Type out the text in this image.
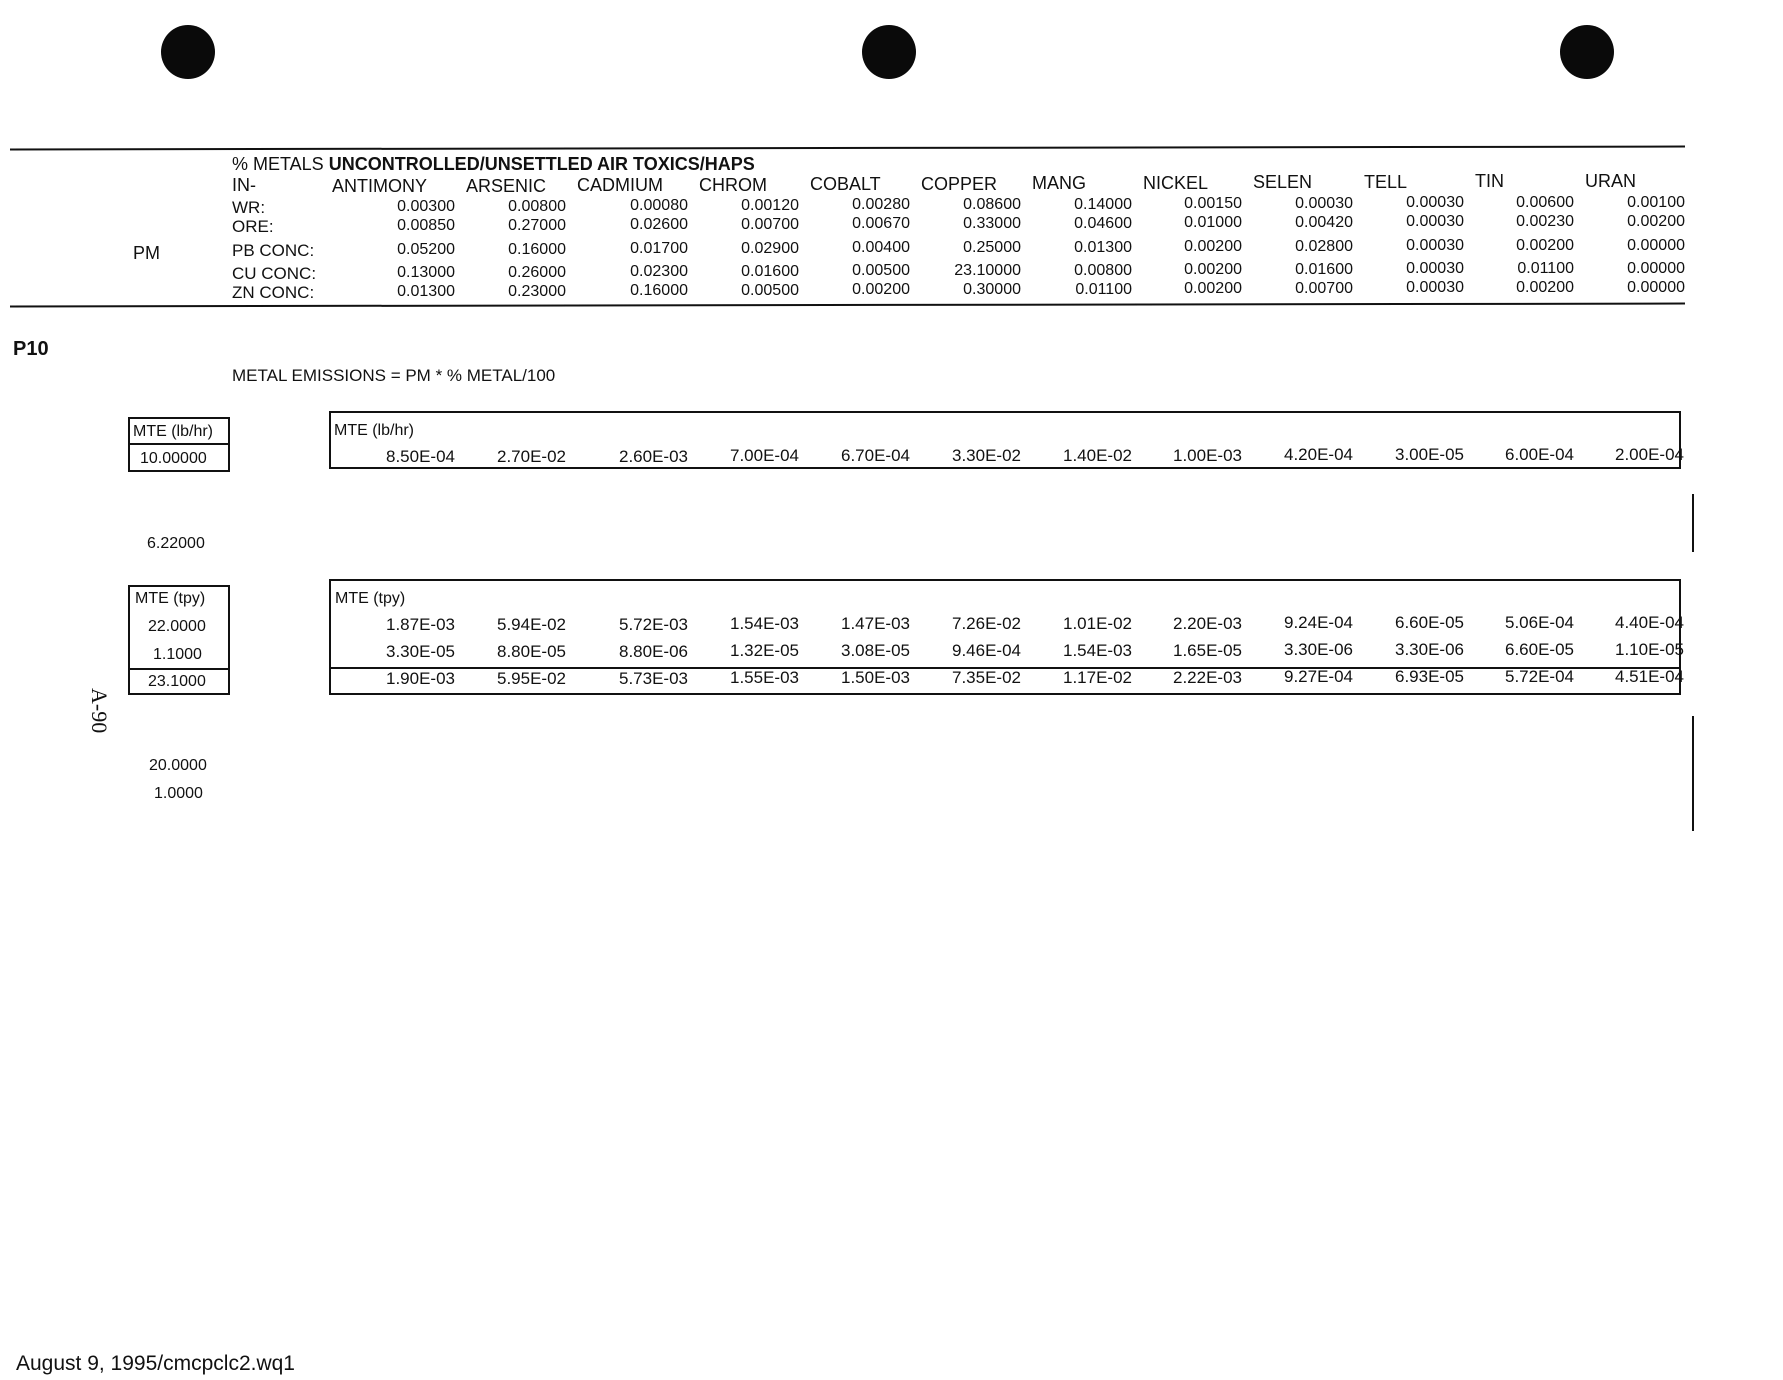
% METALS UNCONTROLLED/UNSETTLED AIR TOXICS/HAPS
IN-	ANTIMONY ARSENIC CADMIUM CHROM COBALT COPPER MANG	NICKEL SELEN	TELL	TIN	URAN
PM
WR:	0.00300	0.00800	0.00080	0.00120	0.00280	0.08600	0.14000	0.00150	0.00030	0.00030	0.00600	0.00100
ORE:	0.00850	0.27000	0.02600	0.00700	0.00670	0.33000	0.04600	0.01000	0.00420	0.00030	0.00230	0.00200
PB CONC:	0.05200	0.16000	0.01700	0.02900	0.00400	0.25000	0.01300	0.00200	0.02800	0.00030	0.00200	0.00000
CU CONC:	0.13000	0.26000	0.02300	0.01600	0.00500	23.10000	0.00800	0.00200	0.01600	0.00030	0.01100	0.00000
ZN CONC:	0.01300	0.23000	0.16000	0.00500	0.00200	0.30000	0.01100	0.00200	0.00700	0.00030	0.00200	0.00000
P10
METAL EMISSIONS = PM * % METAL/100
MTE (lb/hr)
10.00000
MTE (lb/hr)
8.50E-04	2.70E-02	2.60E-03	7.00E-04	6.70E-04	3.30E-02	1.40E-02	1.00E-03	4.20E-04	3.00E-05	6.00E-04	2.00E-04
6.22000
MTE (tpy)
22.0000
1.1000
23.1000
MTE (tpy)
1.87E-03	5.94E-02	5.72E-03	1.54E-03	1.47E-03	7.26E-02	1.01E-02	2.20E-03	9.24E-04	6.60E-05	5.06E-04	4.40E-04
3.30E-05	8.80E-05	8.80E-06	1.32E-05	3.08E-05	9.46E-04	1.54E-03	1.65E-05	3.30E-06	3.30E-06	6.60E-05	1.10E-05
1.90E-03	5.95E-02	5.73E-03	1.55E-03	1.50E-03	7.35E-02	1.17E-02	2.22E-03	9.27E-04	6.93E-05	5.72E-04	4.51E-04
A-90
20.0000
1.0000
August 9, 1995/cmcpclc2.wq1
